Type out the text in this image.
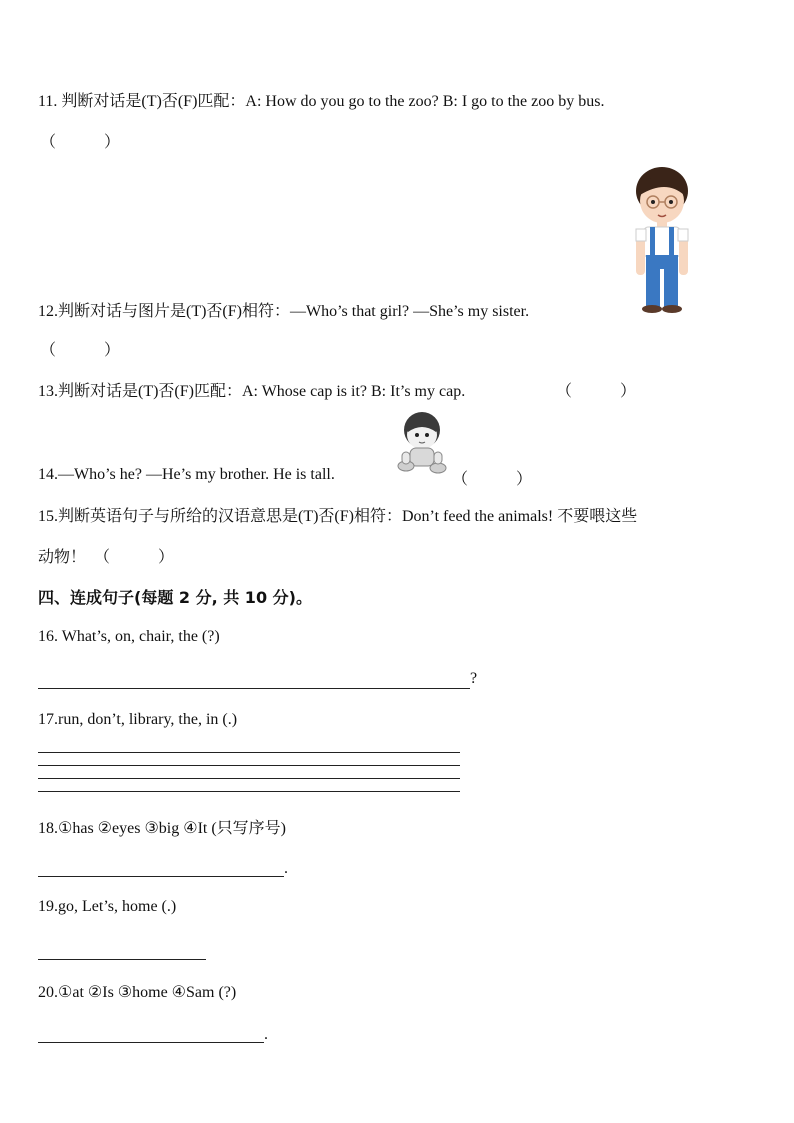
11. 判断对话是(T)否(F)匹配：A: How do you go to the zoo? B: I go to the zoo by bus.
（　　　）
12.判断对话与图片是(T)否(F)相符：—Who’s that girl? —She’s my sister.
（　　　）
13.判断对话是(T)否(F)匹配：A: Whose cap is it? B: It’s my cap.	（　　　）
14.—Who’s he? —He’s my brother. He is tall.	（　　　）
15.判断英语句子与所给的汉语意思是(T)否(F)相符：Don’t feed the animals! 不要喂这些
动物！ （　　　）
四、连成句子(每题 2 分, 共 10 分)。
16. What’s, on, chair, the (?)
?
17.run, don’t, library, the, in (.)
18.①has ②eyes ③big ④It (只写序号)
.
19.go, Let’s, home (.)
20.①at ②Is ③home ④Sam (?)
.
